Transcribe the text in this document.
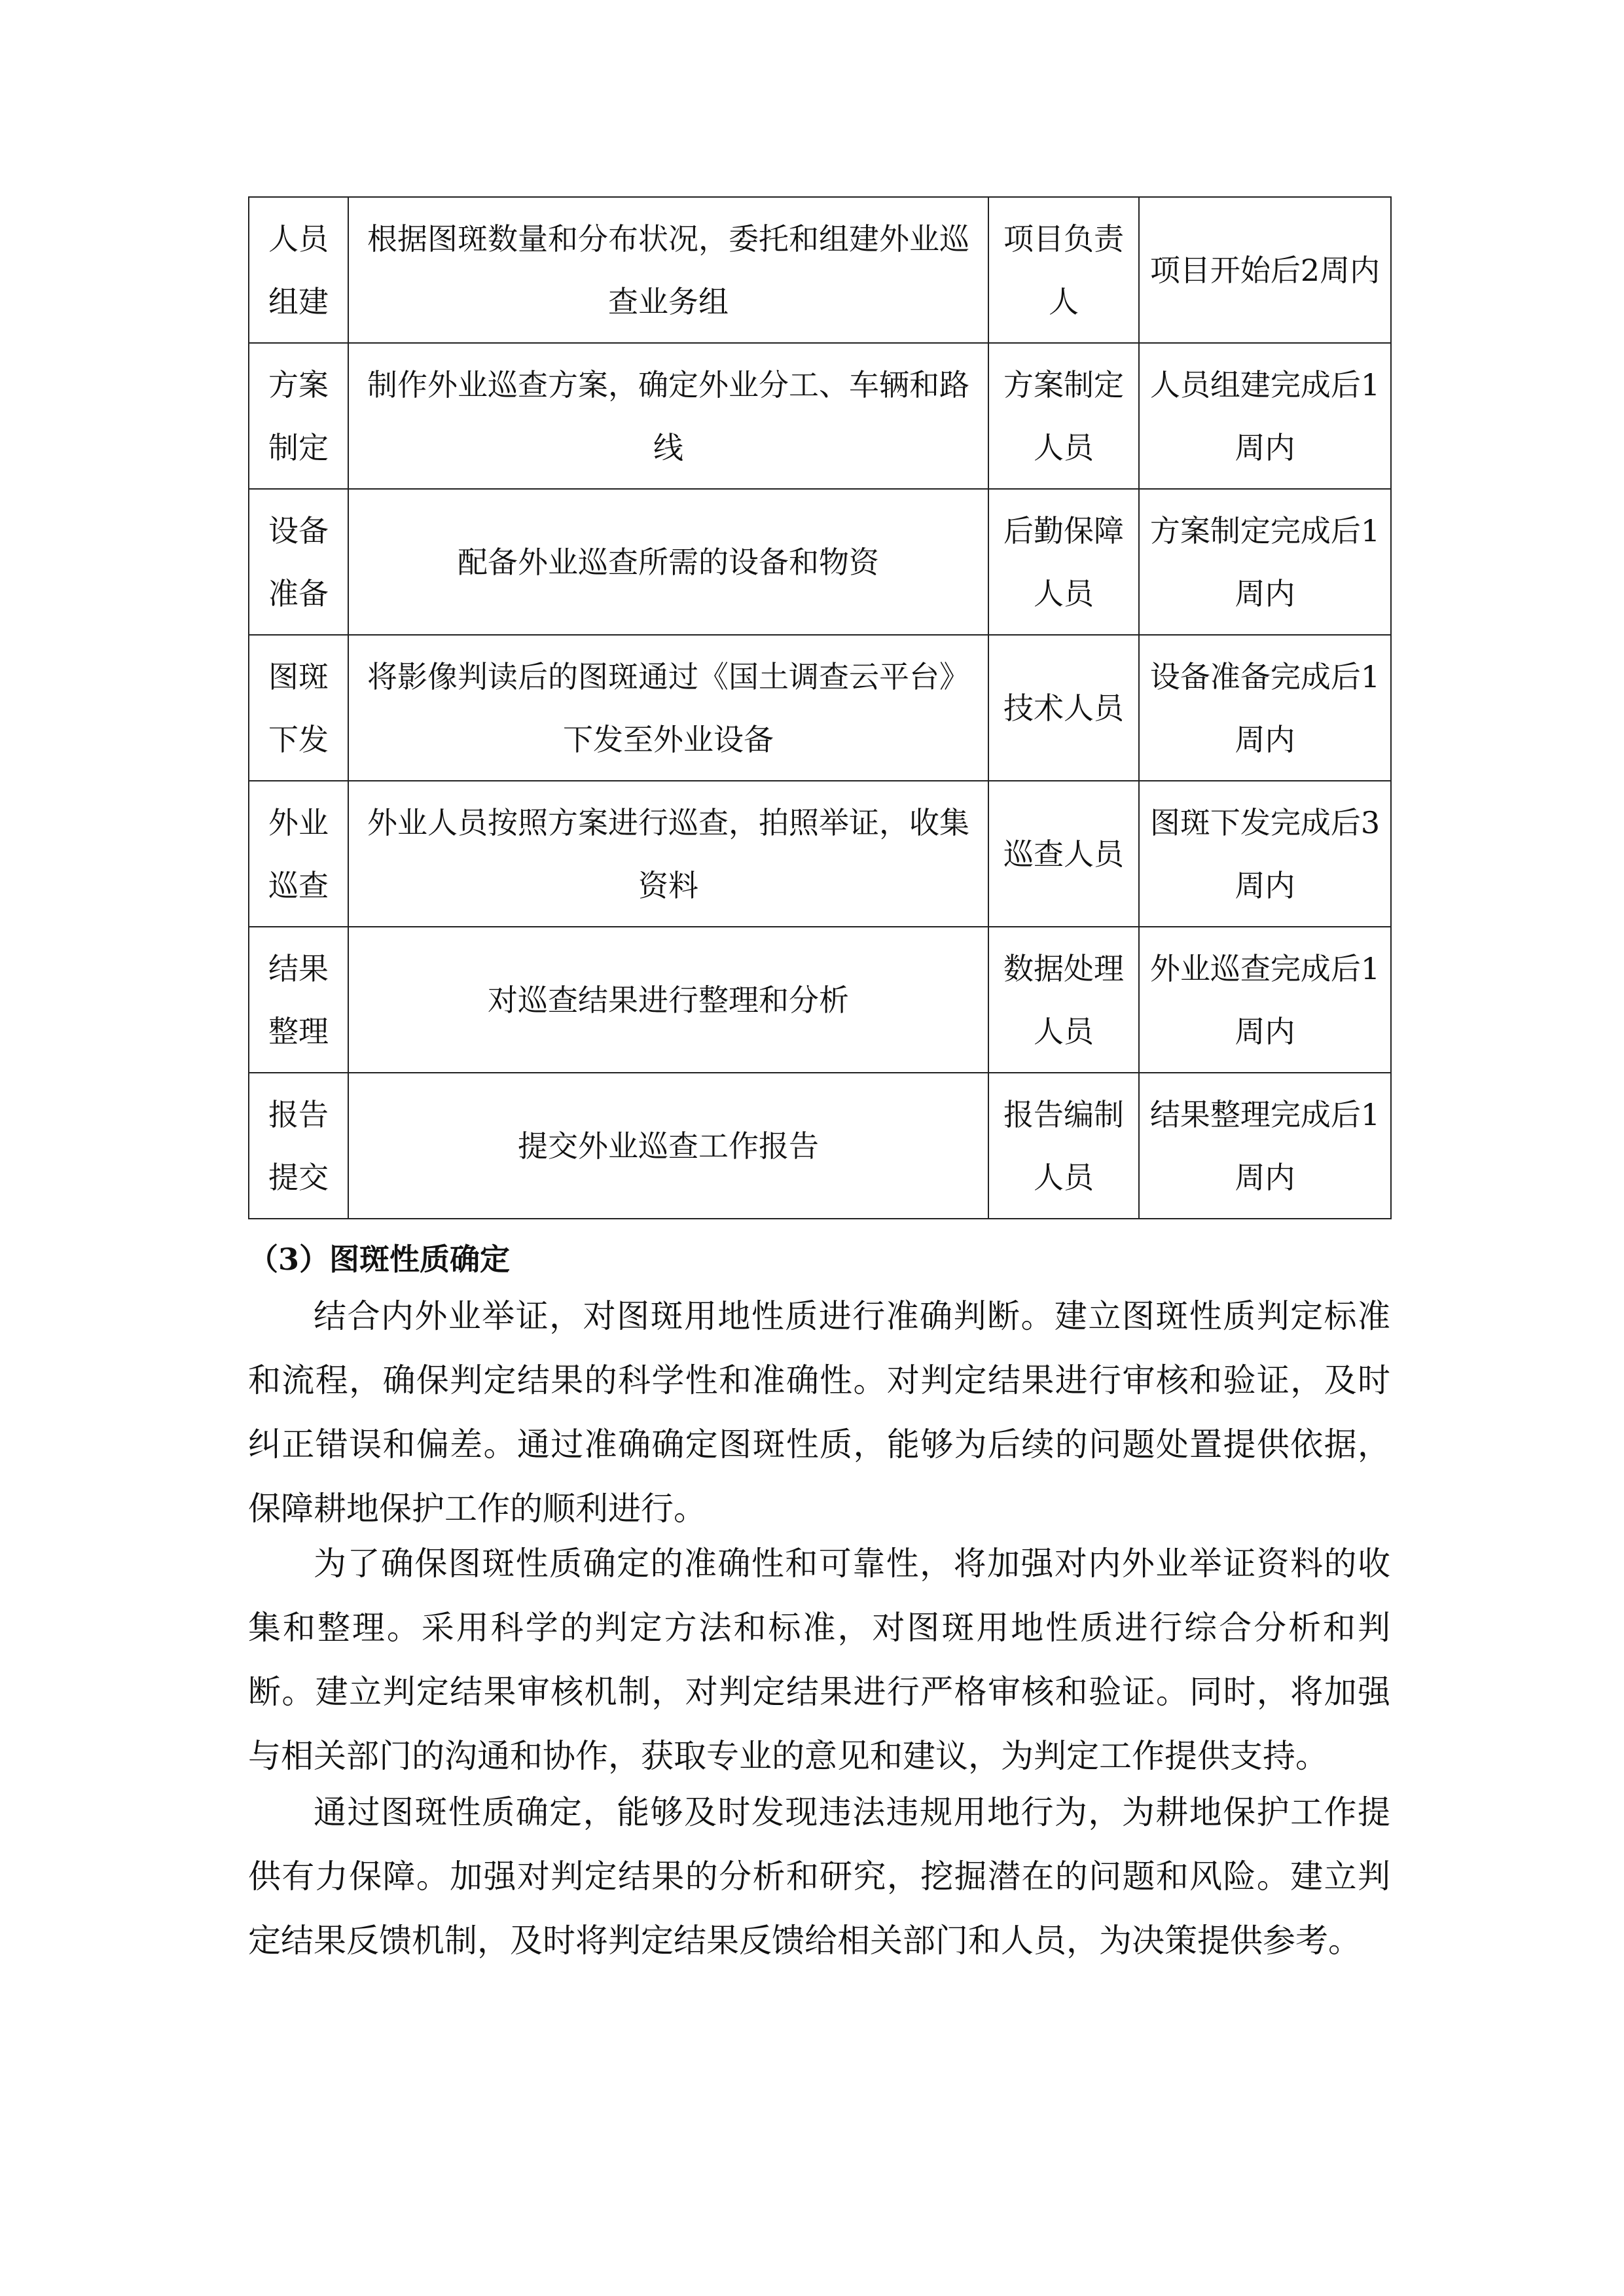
人员组建	根据图斑数量和分布状况，委托和组建外业巡查业务组	项目负责人	项目开始后2周内
方案制定	制作外业巡查方案，确定外业分工、车辆和路线	方案制定人员	人员组建完成后1周内
设备准备	配备外业巡查所需的设备和物资	后勤保障人员	方案制定完成后1周内
图斑下发	将影像判读后的图斑通过《国土调查云平台》下发至外业设备	技术人员	设备准备完成后1周内
外业巡查	外业人员按照方案进行巡查，拍照举证，收集资料	巡查人员	图斑下发完成后3周内
结果整理	对巡查结果进行整理和分析	数据处理人员	外业巡查完成后1周内
报告提交	提交外业巡查工作报告	报告编制人员	结果整理完成后1周内
（3）图斑性质确定

结合内外业举证，对图斑用地性质进行准确判断。建立图斑性质判定标准和流程，确保判定结果的科学性和准确性。对判定结果进行审核和验证，及时纠正错误和偏差。通过准确确定图斑性质，能够为后续的问题处置提供依据，保障耕地保护工作的顺利进行。

为了确保图斑性质确定的准确性和可靠性，将加强对内外业举证资料的收集和整理。采用科学的判定方法和标准，对图斑用地性质进行综合分析和判断。建立判定结果审核机制，对判定结果进行严格审核和验证。同时，将加强与相关部门的沟通和协作，获取专业的意见和建议，为判定工作提供支持。

通过图斑性质确定，能够及时发现违法违规用地行为，为耕地保护工作提供有力保障。加强对判定结果的分析和研究，挖掘潜在的问题和风险。建立判定结果反馈机制，及时将判定结果反馈给相关部门和人员，为决策提供参考。
